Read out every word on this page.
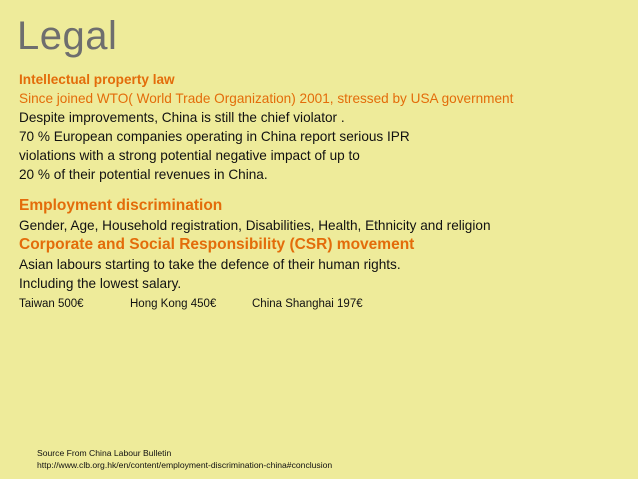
Legal
Intellectual property law
Since joined WTO( World Trade Organization) 2001, stressed by USA government
Despite improvements, China is still the chief violator .
70 % European companies operating in China report serious IPR
violations with a strong potential negative impact of up to
20 % of their potential revenues in China.
Employment discrimination
Gender, Age, Household registration, Disabilities, Health, Ethnicity and religion
Corporate and Social Responsibility (CSR) movement
Asian labours starting to take the defence of their human rights.
Including the lowest salary.
Taiwan 500€	Hong Kong 450€	China Shanghai 197€
Source From China Labour Bulletin
http://www.clb.org.hk/en/content/employment-discrimination-china#conclusion
